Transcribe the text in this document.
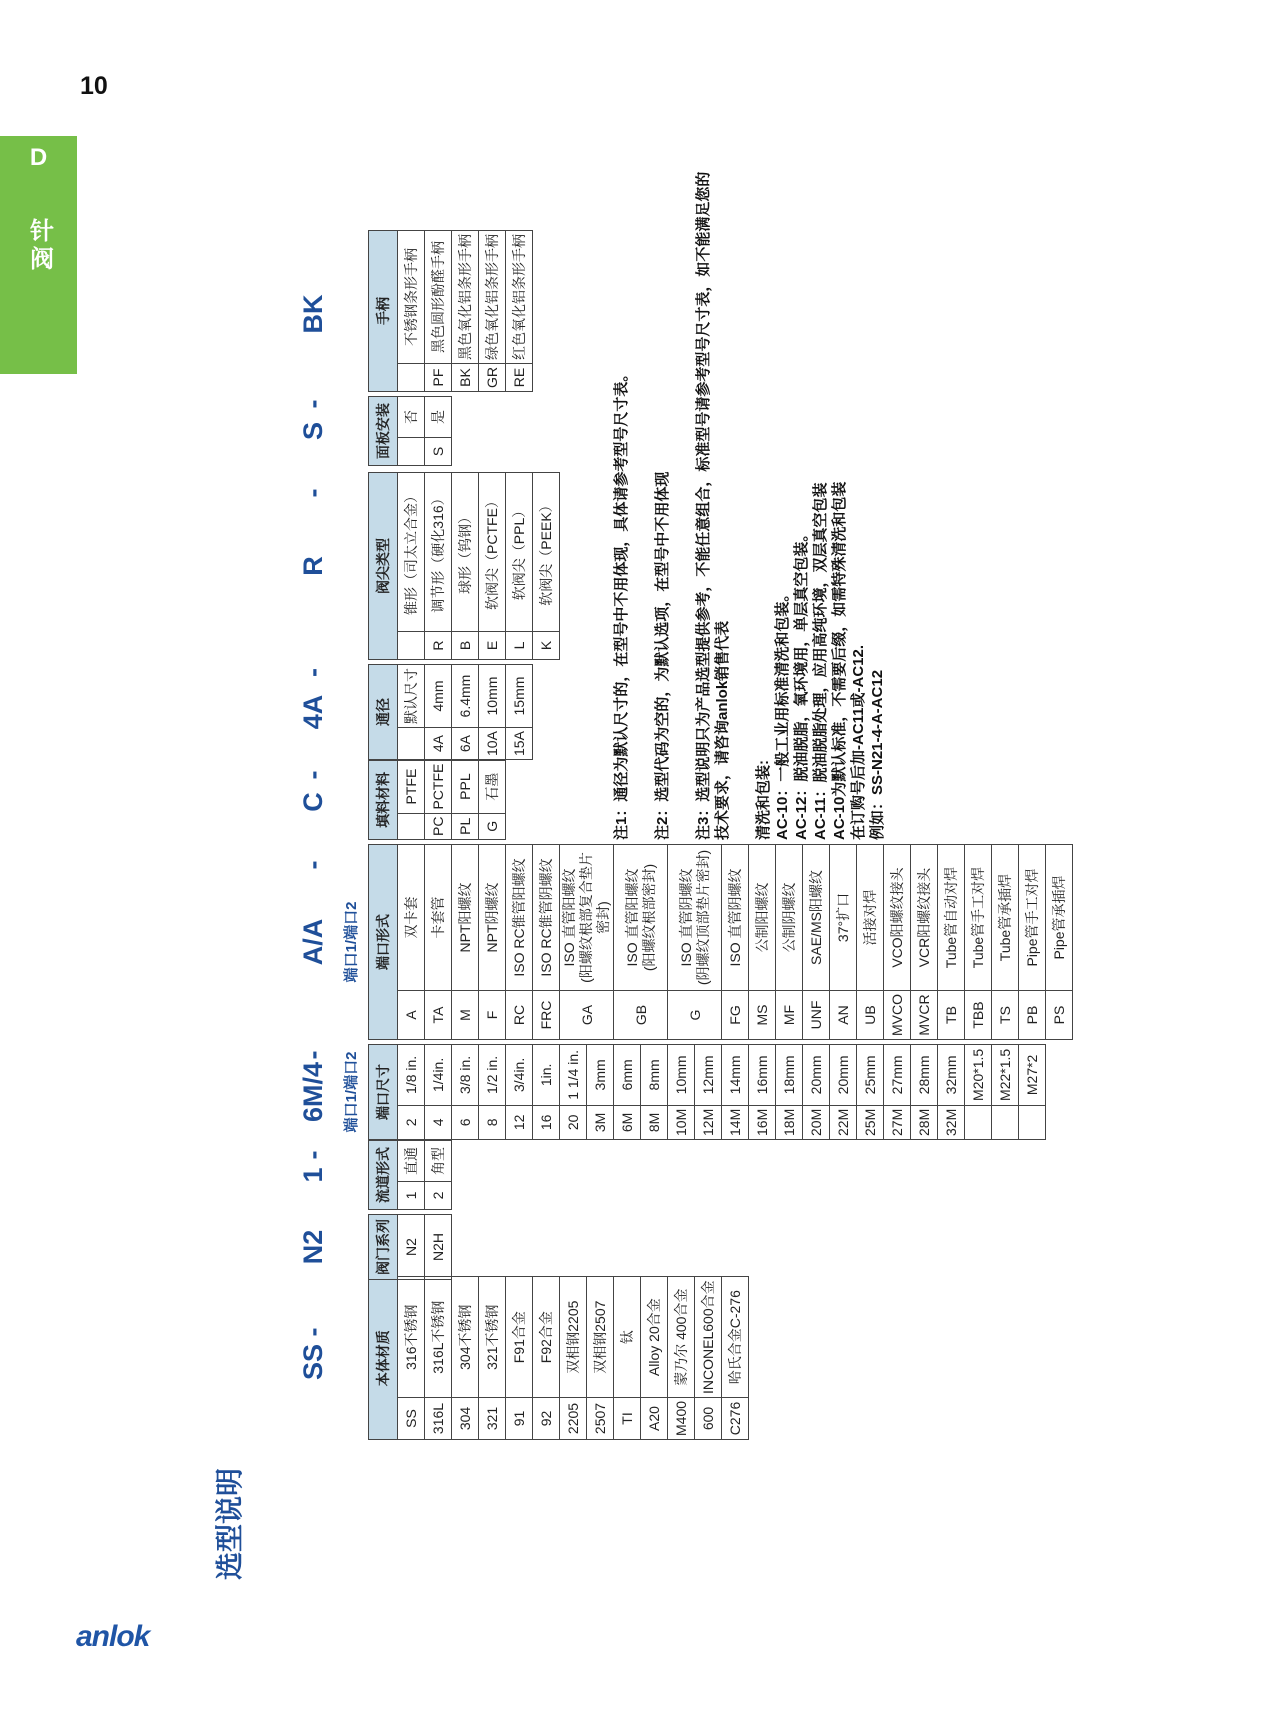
10
D
针阀
anlok
选型说明
SS
-
N2
1
-
6M/4	端口1/端口2
-
A/A	端口1/端口2
-
C
-
4A
-
R
-
S
-
BK
本体材质	
SS	316不锈钢
316L	316L不锈钢
304	304不锈钢
321	321不锈钢
91	F91合金
92	F92合金
2205	双相钢2205
2507	双相钢2507
TI	钛
A20	Alloy 20合金
M400	蒙乃尔 400合金
600	INCONEL600合金
C276	哈氏合金C-276
阀门系列
N2
N2H
流道形式	
1	直通
2	角型
端口尺寸	
2	1/8 in.
4	1/4in.
6	3/8 in.
8	1/2 in.
12	3/4in.
16	1in.
20	1 1/4 in.
3M	3mm
6M	6mm
8M	8mm
10M	10mm
12M	12mm
14M	14mm
16M	16mm
18M	18mm
20M	20mm
22M	20mm
25M	25mm
27M	27mm
28M	28mm
32M	32mm
	M20*1.5
	M22*1.5
	M27*2
端口形式	
A	双卡套
TA	卡套管
M	NPT阳螺纹
F	NPT阴螺纹
RC	ISO RC锥管阳螺纹
FRC	ISO RC锥管阴螺纹
GA	ISO 直管阳螺纹
(阳螺纹根部复合垫片密封)
GB	ISO 直管阳螺纹
(阳螺纹根部密封)
G	ISO 直管阴螺纹
(阴螺纹顶部垫片密封)
FG	ISO 直管阴螺纹
MS	公制阳螺纹
MF	公制阴螺纹
UNF	SAE/MS阳螺纹
AN	37°扩口
UB	活接对焊
MVCO	VCO阳螺纹接头
MVCR	VCR阳螺纹接头
TB	Tube管自动对焊
TBB	Tube管手工对焊
TS	Tube管承插焊
PB	Pipe管手工对焊
PS	Pipe管承插焊
填料材料	
	PTFE
PC	PCTFE
PL	PPL
G	石墨
通径	
	默认尺寸
4A	4mm
6A	6.4mm
10A	10mm
15A	15mm
阀尖类型	
	锥形（司太立合金）
R	调节形（硬化316）
B	球形（钨钢）
E	软阀尖（PCTFE）
L	软阀尖（PPL）
K	软阀尖（PEEK）
面板安装	
	否
S	是
手柄	
	不锈钢条形手柄
PF	黑色圆形酚醛手柄
BK	黑色氧化铝条形手柄
GR	绿色氧化铝条形手柄
RE	红色氧化铝条形手柄

注1：通径为默认尺寸的，在型号中不用体现，具体请参考型号尺寸表。 注2：选型代码为空的，为默认选项，在型号中不用体现 注3：选型说明只为产品选型提供参考，不能任意组合，标准型号请参考型号尺寸表，如不能满足您的技术要求，请咨询anlok销售代表 清洗和包装: AC-10：一般工业用标准清洗和包装。 AC-12：脱油脱脂，氧环境用，单层真空包装。 AC-11：脱油脱脂处理，应用高纯环境，双层真空包装 AC-10为默认标准，不需要后缀，如需特殊清洗和包装 在订购号后加-AC11或-AC12. 例如：SS-N21-4-A-AC12
